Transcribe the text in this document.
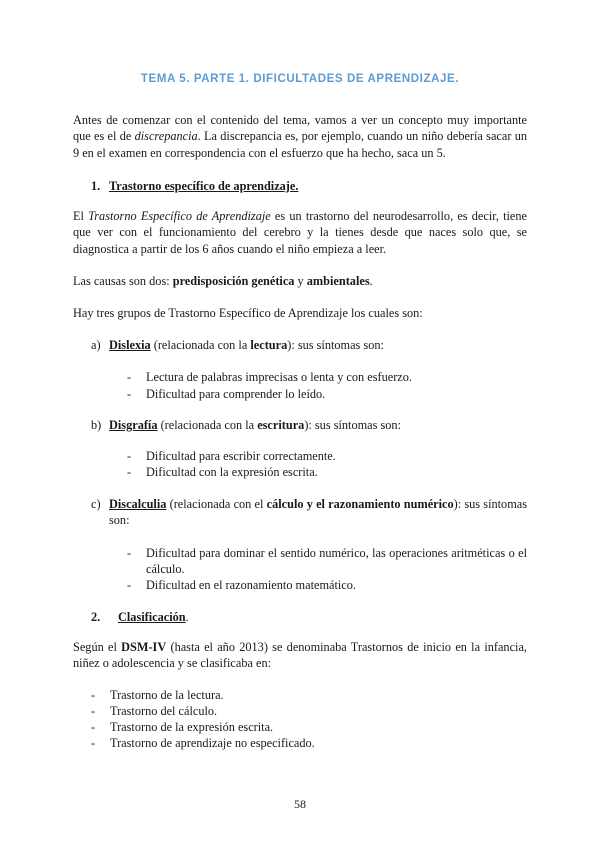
TEMA 5. PARTE 1. DIFICULTADES DE APRENDIZAJE.
Antes de comenzar con el contenido del tema, vamos a ver un concepto muy importante que es el de discrepancia. La discrepancia es, por ejemplo, cuando un niño debería sacar un 9 en el examen en correspondencia con el esfuerzo que ha hecho, saca un 5.
1. Trastorno específico de aprendizaje.
El Trastorno Específico de Aprendizaje es un trastorno del neurodesarrollo, es decir, tiene que ver con el funcionamiento del cerebro y la tienes desde que naces solo que, se diagnostica a partir de los 6 años cuando el niño empieza a leer.
Las causas son dos: predisposición genética y ambientales.
Hay tres grupos de Trastorno Específico de Aprendizaje los cuales son:
a) Dislexia (relacionada con la lectura): sus síntomas son:
- Lectura de palabras imprecisas o lenta y con esfuerzo.
- Dificultad para comprender lo leído.
b) Disgrafía (relacionada con la escritura): sus síntomas son:
- Dificultad para escribir correctamente.
- Dificultad con la expresión escrita.
c) Discalculia (relacionada con el cálculo y el razonamiento numérico): sus síntomas son:
- Dificultad para dominar el sentido numérico, las operaciones aritméticas o el cálculo.
- Dificultad en el razonamiento matemático.
2. Clasificación.
Según el DSM-IV (hasta el año 2013) se denominaba Trastornos de inicio en la infancia, niñez o adolescencia y se clasificaba en:
- Trastorno de la lectura.
- Trastorno del cálculo.
- Trastorno de la expresión escrita.
- Trastorno de aprendizaje no especificado.
58
